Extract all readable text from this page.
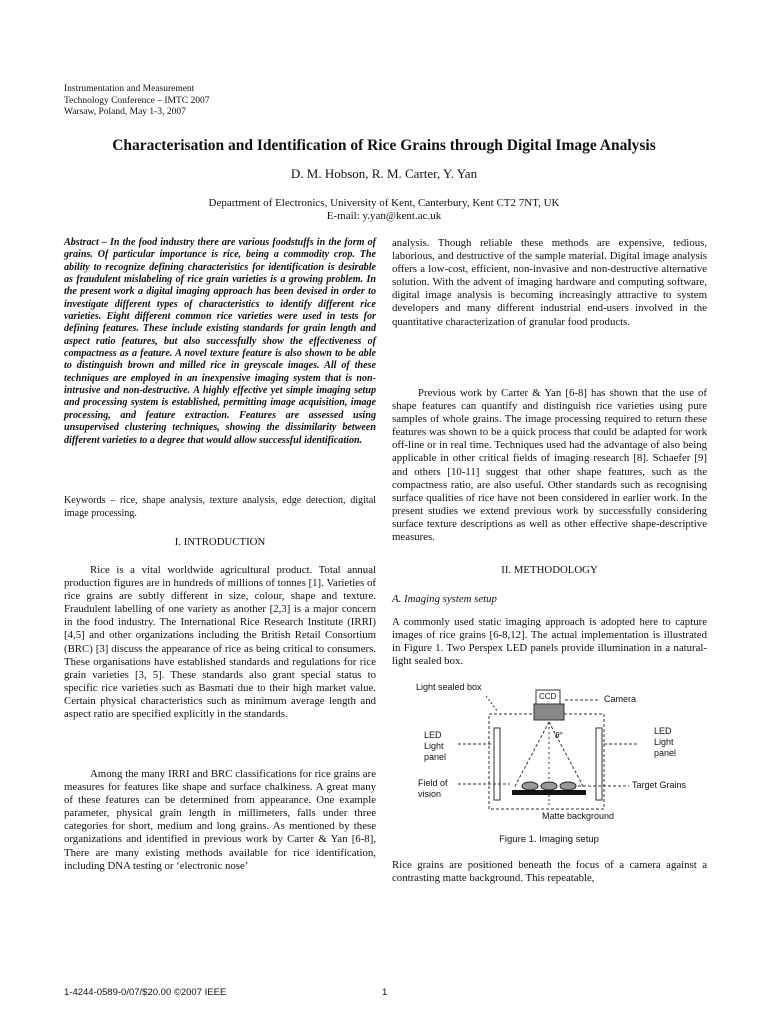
Instrumentation and Measurement
Technology Conference – IMTC 2007
Warsaw, Poland, May 1-3, 2007
Characterisation and Identification of Rice Grains through Digital Image Analysis
D. M. Hobson, R. M. Carter, Y. Yan
Department of Electronics, University of Kent, Canterbury, Kent CT2 7NT, UK
E-mail: y.yan@kent.ac.uk
Abstract – In the food industry there are various foodstuffs in the form of grains. Of particular importance is rice, being a commodity crop. The ability to recognize defining characteristics for identification is desirable as fraudulent mislabeling of rice grain varieties is a growing problem. In the present work a digital imaging approach has been devised in order to investigate different types of characteristics to identify different rice varieties. Eight different common rice varieties were used in tests for defining features. These include existing standards for grain length and aspect ratio features, but also successfully show the effectiveness of compactness as a feature. A novel texture feature is also shown to be able to distinguish brown and milled rice in greyscale images. All of these techniques are employed in an inexpensive imaging system that is non-intrusive and non-destructive. A highly effective yet simple imaging setup and processing system is established, permitting image acquisition, image processing, and feature extraction. Features are assessed using unsupervised clustering techniques, showing the dissimilarity between different varieties to a degree that would allow successful identification.
Keywords – rice, shape analysis, texture analysis, edge detection, digital image processing.
I. INTRODUCTION

Rice is a vital worldwide agricultural product. Total annual production figures are in hundreds of millions of tonnes [1]. Varieties of rice grains are subtly different in size, colour, shape and texture. Fraudulent labelling of one variety as another [2,3] is a major concern in the food industry. The International Rice Research Institute (IRRI) [4,5] and other organizations including the British Retail Consortium (BRC) [3] discuss the appearance of rice as being critical to consumers. These organisations have established standards and regulations for rice grain varieties [3, 5]. These standards also grant special status to specific rice varieties such as Basmati due to their high market value. Certain physical characteristics such as minimum average length and aspect ratio are specified explicitly in the standards.

Among the many IRRI and BRC classifications for rice grains are measures for features like shape and surface chalkiness. A great many of these features can be determined from appearance. One example parameter, physical grain length in millimeters, falls under three categories for short, medium and long grains. As mentioned by these organizations and identified in previous work by Carter & Yan [6-8], There are many existing methods available for rice identification, including DNA testing or ‘electronic nose’

analysis. Though reliable these methods are expensive, tedious, laborious, and destructive of the sample material. Digital image analysis offers a low-cost, efficient, non-invasive and non-destructive alternative solution. With the advent of imaging hardware and computing software, digital image analysis is becoming increasingly attractive to system developers and many different industrial end-users involved in the quantitative characterization of granular food products.

Previous work by Carter & Yan [6-8] has shown that the use of shape features can quantify and distinguish rice varieties using pure samples of whole grains. The image processing required to return these features was shown to be a quick process that could be adapted for work off-line or in real time. Techniques used had the advantage of also being applicable in other critical fields of imaging research [8]. Schaefer [9] and others [10-11] suggest that other shape features, such as the compactness ratio, are also useful. Other standards such as recognising surface qualities of rice have not been considered in earlier work. In the present studies we extend previous work by successfully considering surface texture descriptions as well as other effective shape-descriptive measures.

II. METHODOLOGY
A. Imaging system setup
A commonly used static imaging approach is adopted here to capture images of rice grains [6-8,12]. The actual implementation is illustrated in Figure 1. Two Perspex LED panels provide illumination in a natural-light sealed box.
Light sealed box
CCD	Camera
LED
Light
panel
LED
Light
panel
θ°
Field of
vision
Target Grains
Matte background
Figure 1. Imaging setup
Rice grains are positioned beneath the focus of a camera against a contrasting matte background. This repeatable,
1-4244-0589-0/07/$20.00 ©2007 IEEE	1
